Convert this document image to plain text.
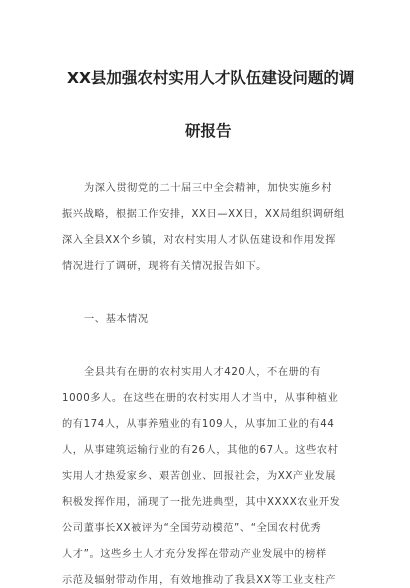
XX县加强农村实用人才队伍建设问题的调
研报告
为深入贯彻党的二十届三中全会精神，加快实施乡村
振兴战略，根据工作安排，XX日—XX日，XX局组织调研组
深入全县XX个乡镇，对农村实用人才队伍建设和作用发挥
情况进行了调研，现将有关情况报告如下。
一、基本情况
全县共有在册的农村实用人才420人，不在册的有
1000多人。在这些在册的农村实用人才当中，从事种植业
的有174人，从事养殖业的有109人，从事加工业的有44
人，从事建筑运输行业的有26人，其他的67人。这些农村
实用人才热爱家乡、艰苦创业、回报社会，为XX产业发展
积极发挥作用，涌现了一批先进典型，其中XXXX农业开发
公司董事长XX被评为“全国劳动模范”、“全国农村优秀
人才”。这些乡土人才充分发挥在带动产业发展中的榜样
示范及辐射带动作用，有效地推动了我县XX等工业支柱产
